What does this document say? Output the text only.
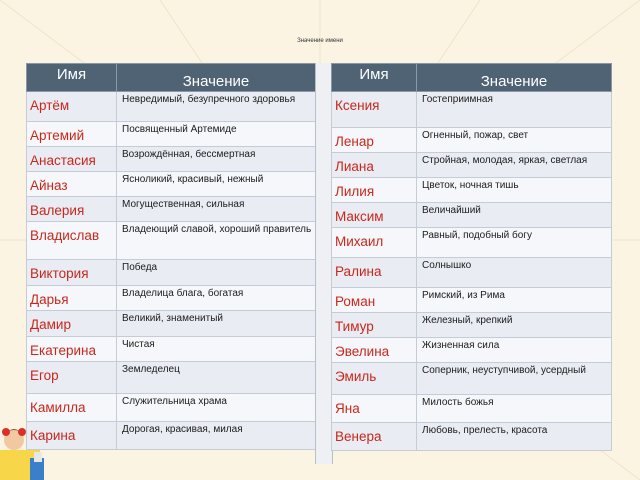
Значение имени
Имя	Значение
Артём	Невредимый, безупречного здоровья
Артемий	Посвященный Артемиде
Анастасия	Возрождённая, бессмертная
Айназ	Ясноликий, красивый, нежный
Валерия	Могущественная, сильная
Владислав	Владеющий славой, хороший правитель
Виктория	Победа
Дарья	Владелица блага, богатая
Дамир	Великий, знаменитый
Екатерина	Чистая
Егор	Земледелец
Камилла	Служительница храма
Карина	Дорогая, красивая, милая
Имя	Значение
Ксения	Гостеприимная
Ленар	Огненный, пожар, свет
Лиана	Стройная, молодая, яркая, светлая
Лилия	Цветок, ночная тишь
Максим	Величайший
Михаил	Равный, подобный богу
Ралина	Солнышко
Роман	Римский, из Рима
Тимур	Железный, крепкий
Эвелина	Жизненная сила
Эмиль	Соперник, неуступчивой, усердный
Яна	Милость божья
Венера	Любовь, прелесть, красота
